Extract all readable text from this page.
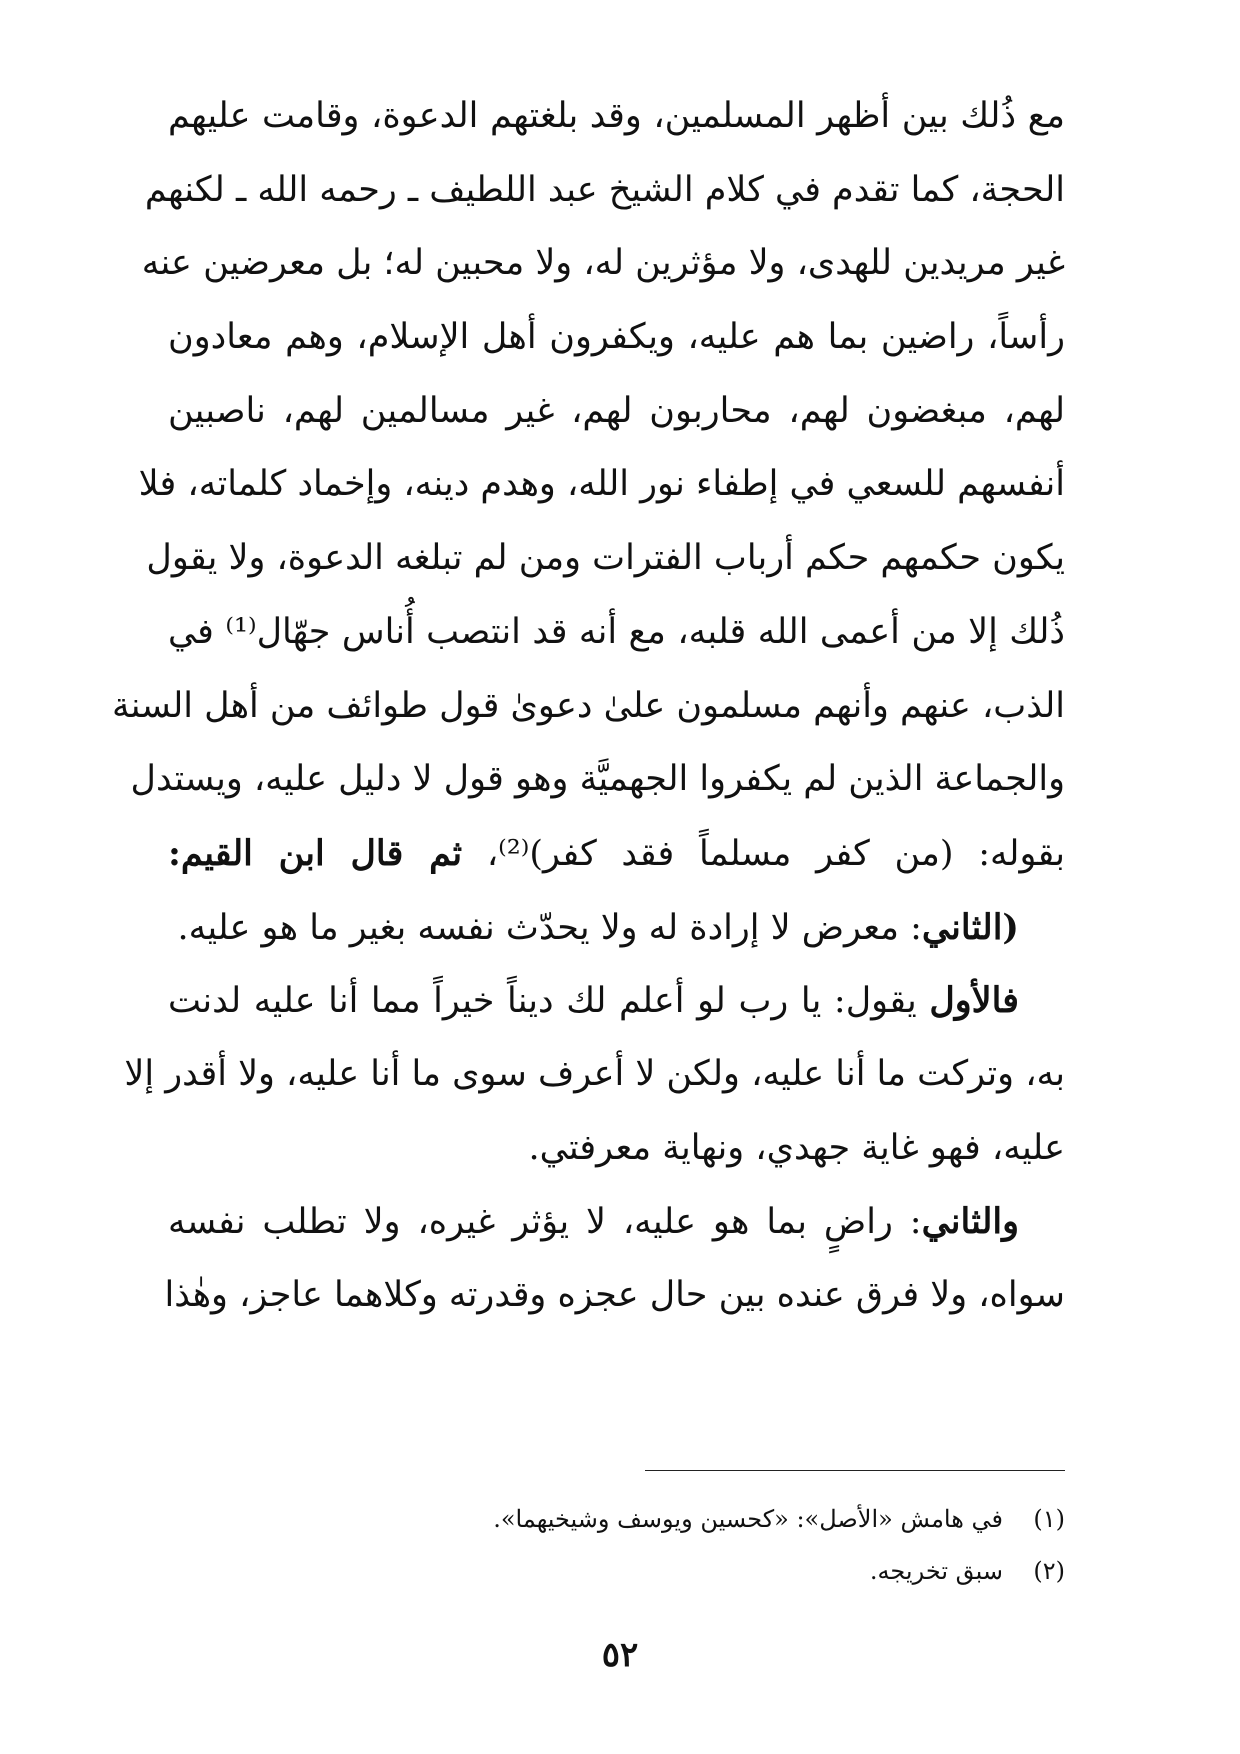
مع ذُلك بين أظهر المسلمين، وقد بلغتهم الدعوة، وقامت عليهم
الحجة، كما تقدم في كلام الشيخ عبد اللطيف ـ رحمه الله ـ لكنهم
غير مريدين للهدى، ولا مؤثرين له، ولا محبين له؛ بل معرضين عنه
رأساً، راضين بما هم عليه، ويكفرون أهل الإسلام، وهم معادون
لهم، مبغضون لهم، محاربون لهم، غير مسالمين لهم، ناصبين
أنفسهم للسعي في إطفاء نور الله، وهدم دينه، وإخماد كلماته، فلا
يكون حكمهم حكم أرباب الفترات ومن لم تبلغه الدعوة، ولا يقول
ذُلك إلا من أعمى الله قلبه، مع أنه قد انتصب أُناس جهّال⁽¹⁾ في
الذب، عنهم وأنهم مسلمون علىٰ دعوىٰ قول طوائف من أهل السنة
والجماعة الذين لم يكفروا الجهميَّة وهو قول لا دليل عليه، ويستدل
بقوله: (من كفر مسلماً فقد كفر)⁽²⁾، ثم قال ابن القيم:
(الثاني: معرض لا إرادة له ولا يحدّث نفسه بغير ما هو عليه.
فالأول يقول: يا رب لو أعلم لك ديناً خيراً مما أنا عليه لدنت
به، وتركت ما أنا عليه، ولكن لا أعرف سوى ما أنا عليه، ولا أقدر إلا
عليه، فهو غاية جهدي، ونهاية معرفتي.
والثاني: راضٍ بما هو عليه، لا يؤثر غيره، ولا تطلب نفسه
سواه، ولا فرق عنده بين حال عجزه وقدرته وكلاهما عاجز، وهٰذا
(١)
في هامش «الأصل»: «كحسين ويوسف وشيخيهما».
(٢)
سبق تخريجه.
٥٢
